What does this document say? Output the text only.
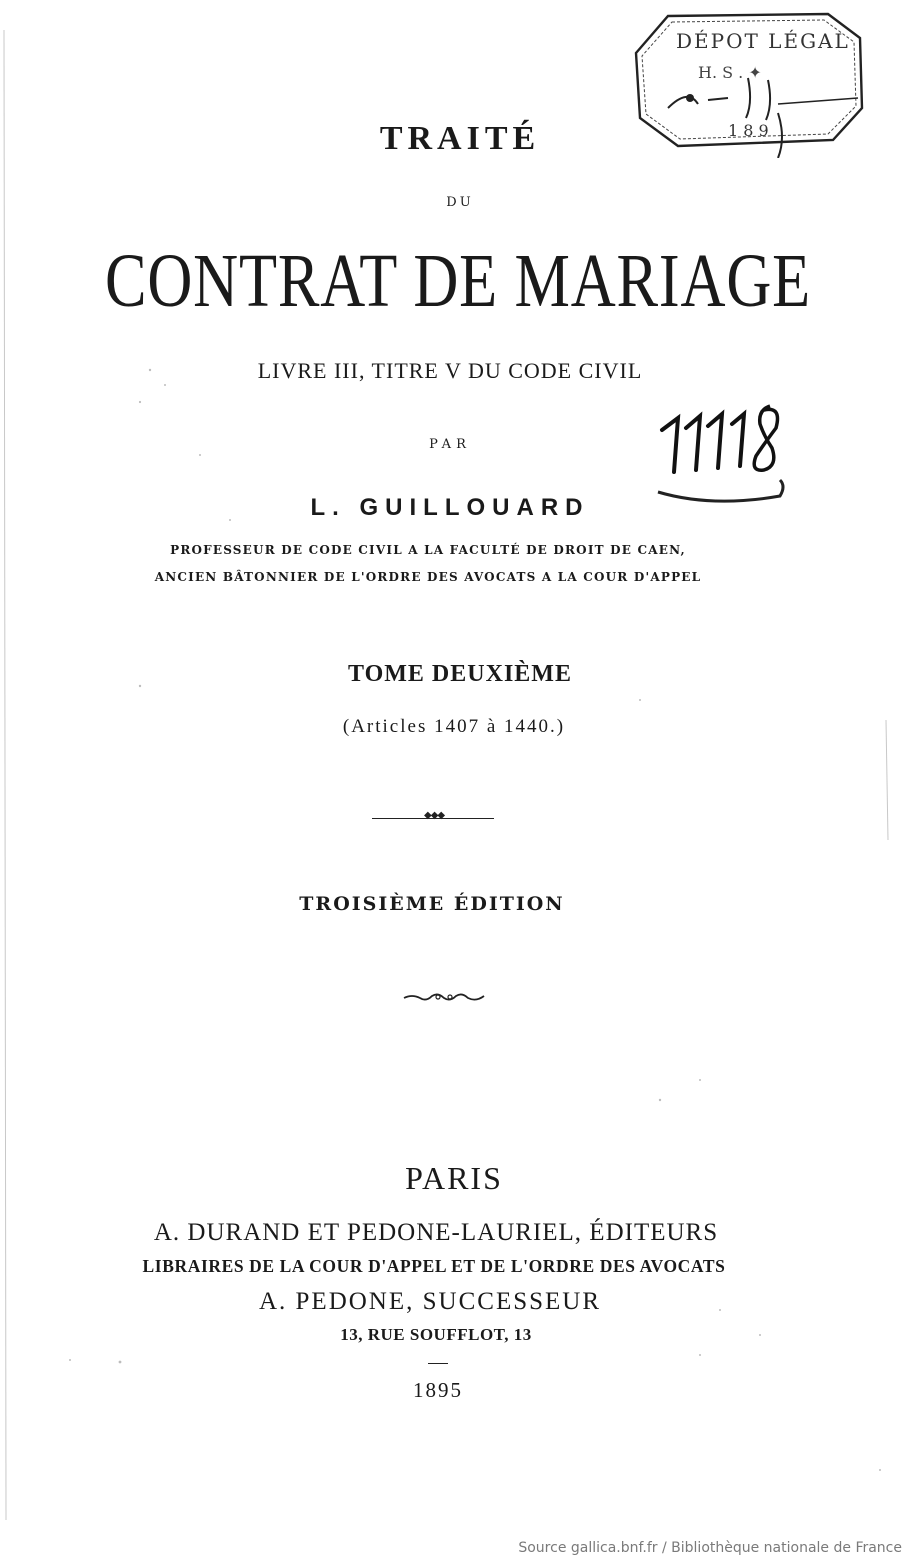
DÉPOT LÉGAL
H. S . ✦
1 8 9
TRAITÉ
DU
CONTRAT DE MARIAGE
LIVRE III, TITRE V DU CODE CIVIL
PAR
L. GUILLOUARD
PROFESSEUR DE CODE CIVIL A LA FACULTÉ DE DROIT DE CAEN,
ANCIEN BÂTONNIER DE L'ORDRE DES AVOCATS A LA COUR D'APPEL
TOME DEUXIÈME
(Articles 1407 à 1440.)
◆◆◆
TROISIÈME ÉDITION
PARIS
A. DURAND ET PEDONE-LAURIEL, ÉDITEURS
LIBRAIRES DE LA COUR D'APPEL ET DE L'ORDRE DES AVOCATS
A. PEDONE, SUCCESSEUR
13, RUE SOUFFLOT, 13
1895
Source gallica.bnf.fr / Bibliothèque nationale de France
